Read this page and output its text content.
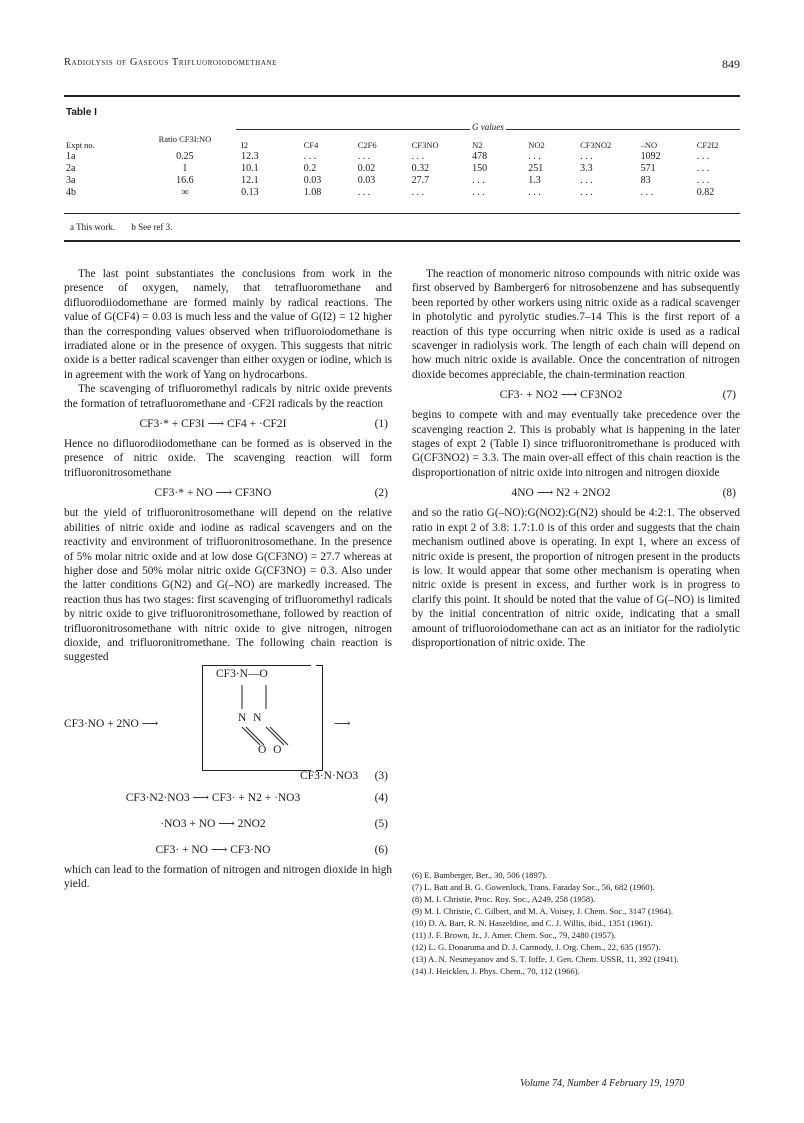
Radiolysis of Gaseous Trifluoroiodomethane	849
Table I
G values
Expt no.	Ratio CF3I:NO	I2	CF4	C2F6	CF3NO	N2	NO2	CF3NO2	–NO	CF2I2
1a	0.25	12.3	. . .	. . .	. . .	478	. . .	. . .	1092	. . .
2a	1	10.1	0.2	0.02	0.32	150	251	3.3	571	. . .
3a	16.6	12.1	0.03	0.03	27.7	. . .	1.3	. . .	83	. . .
4b	∞	0.13	1.08	. . .	. . .	. . .	. . .	. . .	. . .	0.82
a This work. b See ref 3.

The last point substantiates the conclusions from work in the presence of oxygen, namely, that tetrafluoromethane and difluorodiiodomethane are formed mainly by radical reactions. The value of G(CF4) = 0.03 is much less and the value of G(I2) = 12 higher than the corresponding values observed when trifluoroiodomethane is irradiated alone or in the presence of oxygen. This suggests that nitric oxide is a better radical scavenger than either oxygen or iodine, which is in agreement with the work of Yang on hydrocarbons.

The scavenging of trifluoromethyl radicals by nitric oxide prevents the formation of tetrafluoromethane and ·CF2I radicals by the reaction

CF3·* + CF3I ⟶ CF4 + ·CF2I	(1)

Hence no difluorodiiodomethane can be formed as is observed in the presence of nitric oxide. The scavenging reaction will form trifluoronitrosomethane

CF3·* + NO ⟶ CF3NO	(2)

but the yield of trifluoronitrosomethane will depend on the relative abilities of nitric oxide and iodine as radical scavengers and on the reactivity and environment of trifluoronitrosomethane. In the presence of 5% molar nitric oxide and at low dose G(CF3NO) = 27.7 whereas at higher dose and 50% molar nitric oxide G(CF3NO) = 0.3. Also under the latter conditions G(N2) and G(–NO) are markedly increased. The reaction thus has two stages: first scavenging of trifluoromethyl radicals by nitric oxide to give trifluoronitrosomethane, followed by reaction of trifluoronitrosomethane with nitric oxide to give nitrogen, nitrogen dioxide, and trifluoronitromethane. The following chain reaction is suggested

CF3·NO + 2NO ⟶
CF3·N—O
N N
O O
⟶
CF3·N·NO3 (3)
CF3·N2·NO3 ⟶ CF3· + N2 + ·NO3	(4)
·NO3 + NO ⟶ 2NO2	(5)
CF3· + NO ⟶ CF3·NO	(6)

which can lead to the formation of nitrogen and nitrogen dioxide in high yield.

The reaction of monomeric nitroso compounds with nitric oxide was first observed by Bamberger6 for nitrosobenzene and has subsequently been reported by other workers using nitric oxide as a radical scavenger in photolytic and pyrolytic studies.7–14 This is the first report of a reaction of this type occurring when nitric oxide is used as a radical scavenger in radiolysis work. The length of each chain will depend on how much nitric oxide is available. Once the concentration of nitrogen dioxide becomes appreciable, the chain-termination reaction

CF3· + NO2 ⟶ CF3NO2	(7)

begins to compete with and may eventually take precedence over the scavenging reaction 2. This is probably what is happening in the later stages of expt 2 (Table I) since trifluoronitromethane is produced with G(CF3NO2) = 3.3. The main over-all effect of this chain reaction is the disproportionation of nitric oxide into nitrogen and nitrogen dioxide

4NO ⟶ N2 + 2NO2	(8)

and so the ratio G(–NO):G(NO2):G(N2) should be 4:2:1. The observed ratio in expt 2 of 3.8: 1.7:1.0 is of this order and suggests that the chain mechanism outlined above is operating. In expt 1, where an excess of nitric oxide is present, the proportion of nitrogen present in the products is low. It would appear that some other mechanism is operating when nitric oxide is present in excess, and further work is in progress to clarify this point. It should be noted that the value of G(–NO) is limited by the initial concentration of nitric oxide, indicating that a small amount of trifluoroiodomethane can act as an initiator for the radiolytic disproportionation of nitric oxide. The

(6) E. Bamberger, Ber., 30, 506 (1897).
(7) L. Batt and B. G. Gowenlock, Trans. Faraday Soc., 56, 682 (1960).
(8) M. I. Christie, Proc. Roy. Soc., A249, 258 (1958).
(9) M. I. Christie, C. Gilbert, and M. A. Voisey, J. Chem. Soc., 3147 (1964).
(10) D. A. Barr, R. N. Haszeldine, and C. J. Willis, ibid., 1351 (1961).
(11) J. F. Brown, Jr., J. Amer. Chem. Soc., 79, 2480 (1957).
(12) L. G. Donaruma and D. J. Carmody, J. Org. Chem., 22, 635 (1957).
(13) A. N. Nesmeyanov and S. T. Ioffe, J. Gen. Chem. USSR, 11, 392 (1941).
(14) J. Heicklen, J. Phys. Chem., 70, 112 (1966).
Volume 74, Number 4 February 19, 1970
